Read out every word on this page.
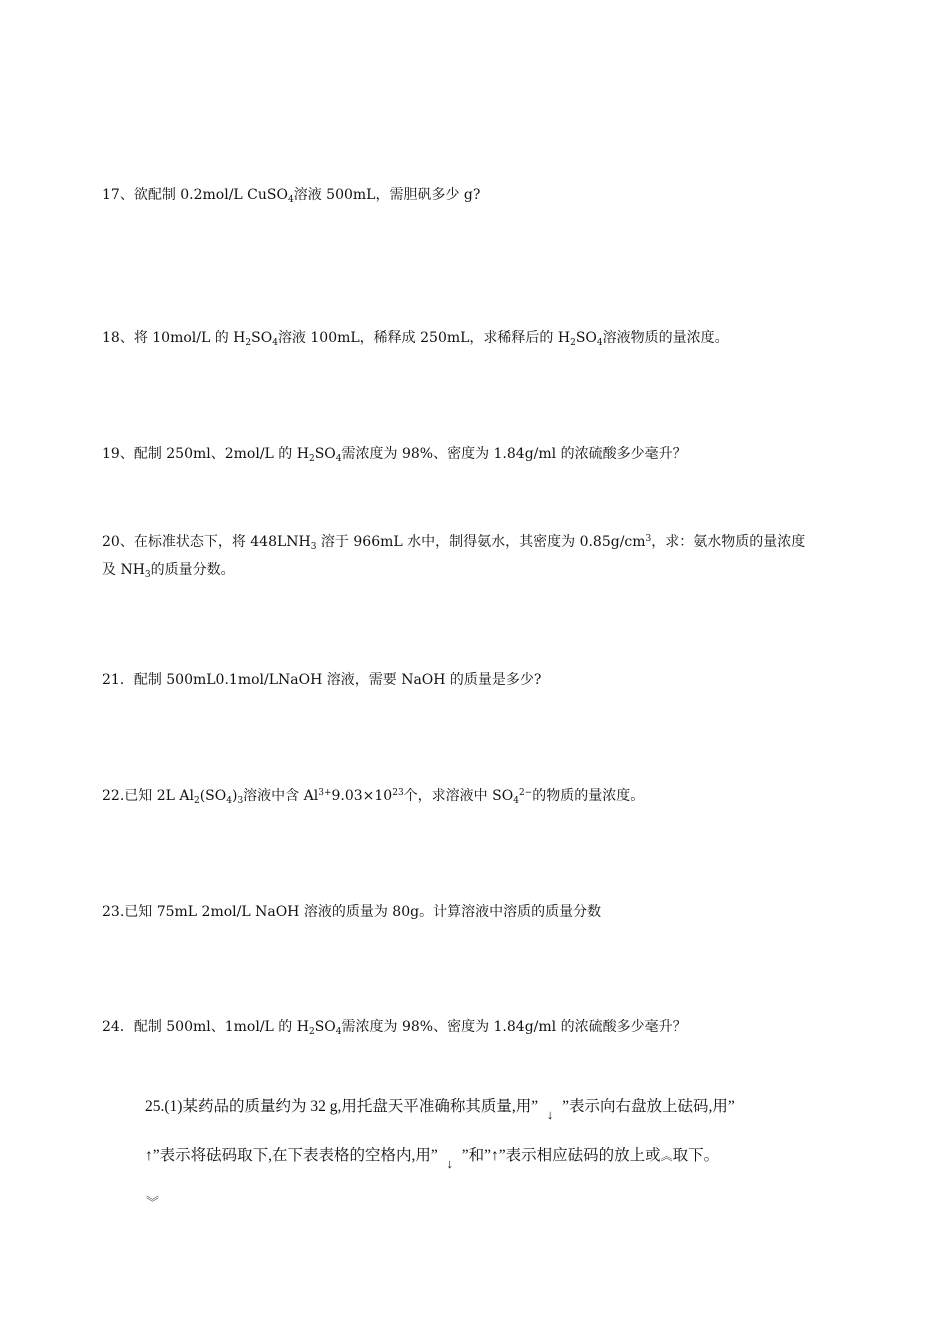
17、欲配制 0.2mol/L CuSO$_4$溶液 500mL，需胆矾多少 g?
18、将 10mol/L 的 $H_2SO_4$溶液 100mL，稀释成 250mL，求稀释后的 $H_2SO_4$溶液物质的量浓度。
19、配制 250ml、2mol/L 的 $H_2SO_4$需浓度为 98%、密度为 1.84g/ml 的浓硫酸多少毫升？
20、在标准状态下，将 $448LNH_3$ 溶于 966mL 水中，制得氨水，其密度为 $0.85g/cm^3$，求：氨水物质的量浓度及 $NH_3$的质量分数。
21．配制 500mL0.1mol/LNaOH 溶液，需要 NaOH 的质量是多少?
22.已知 2L $Al_2(SO_4)_3$溶液中含 $Al^{3+}9.03\times 10^{23}$个，求溶液中 $SO_4^{2-}$的物质的量浓度。
23.已知 75mL 2mol/L NaOH 溶液的质量为 80g。计算溶液中溶质的质量分数
24．配制 500ml、1mol/L 的 $H_2SO_4$需浓度为 98%、密度为 1.84g/ml 的浓硫酸多少毫升？
25.(1)某药品的质量约为 32 g,用托盘天平准确称其质量,用” ↓ ”表示向右盘放上砝码,用”
↑”表示将砝码取下,在下表表格的空格内,用” ↓ ”和”↑”表示相应砝码的放上或︽取下。
︾
